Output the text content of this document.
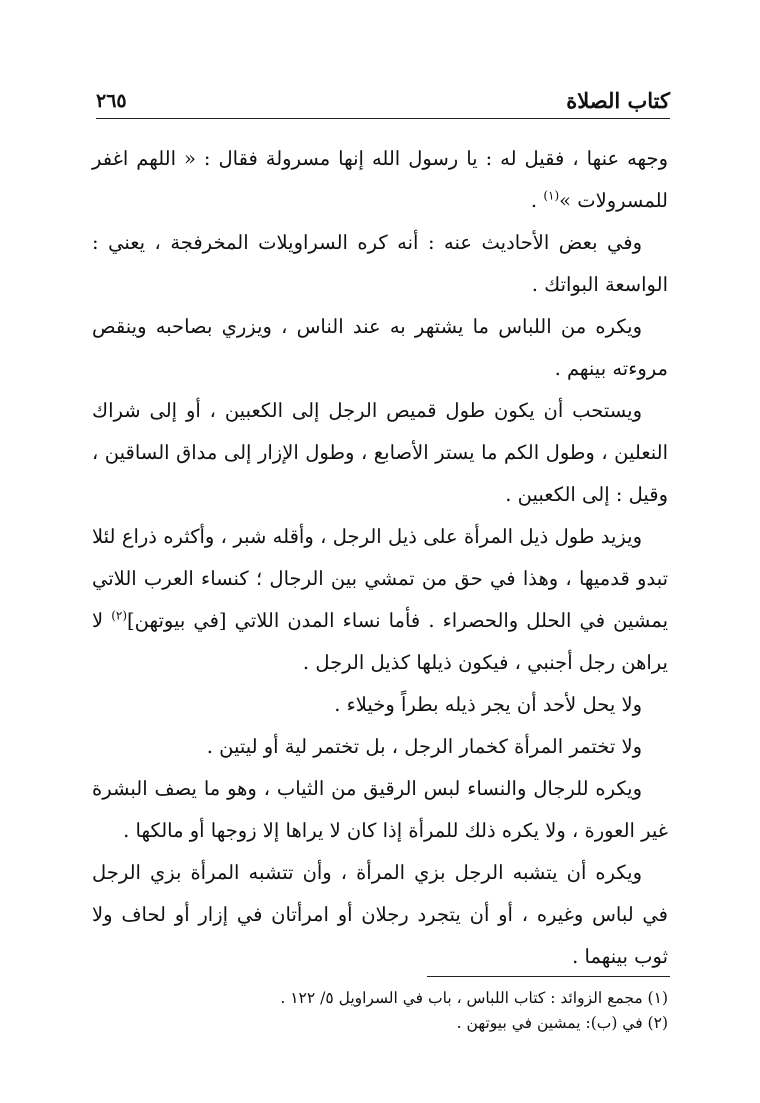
كتاب الصلاة
٢٦٥

وجهه عنها ، فقيل له : يا رسول الله إنها مسرولة فقال : « اللهم اغفر للمسرولات »$^{(١)}$ .

وفي بعض الأحاديث عنه : أنه كره السراويلات المخرفجة ، يعني : الواسعة البواتك .

ويكره من اللباس ما يشتهر به عند الناس ، ويزري بصاحبه وينقص مروءته بينهم .

ويستحب أن يكون طول قميص الرجل إلى الكعبين ، أو إلى شراك النعلين ، وطول الكم ما يستر الأصابع ، وطول الإزار إلى مداق الساقين ، وقيل : إلى الكعبين .

ويزيد طول ذيل المرأة على ذيل الرجل ، وأقله شبر ، وأكثره ذراع لئلا تبدو قدميها ، وهذا في حق من تمشي بين الرجال ؛ كنساء العرب اللاتي يمشين في الحلل والحصراء . فأما نساء المدن اللاتي [في بيوتهن]$^{(٢)}$ لا يراهن رجل أجنبي ، فيكون ذيلها كذيل الرجل .

ولا يحل لأحد أن يجر ذيله بطراً وخيلاء .

ولا تختمر المرأة كخمار الرجل ، بل تختمر لية أو ليتين .

ويكره للرجال والنساء لبس الرقيق من الثياب ، وهو ما يصف البشرة غير العورة ، ولا يكره ذلك للمرأة إذا كان لا يراها إلا زوجها أو مالكها .

ويكره أن يتشبه الرجل بزي المرأة ، وأن تتشبه المرأة بزي الرجل في لباس وغيره ، أو أن يتجرد رجلان أو امرأتان في إزار أو لحاف ولا ثوب بينهما .

(١) مجمع الزوائد : كتاب اللباس ، باب في السراويل ٥/ ١٢٢ .
(٢) في (ب): يمشين في بيوتهن .
